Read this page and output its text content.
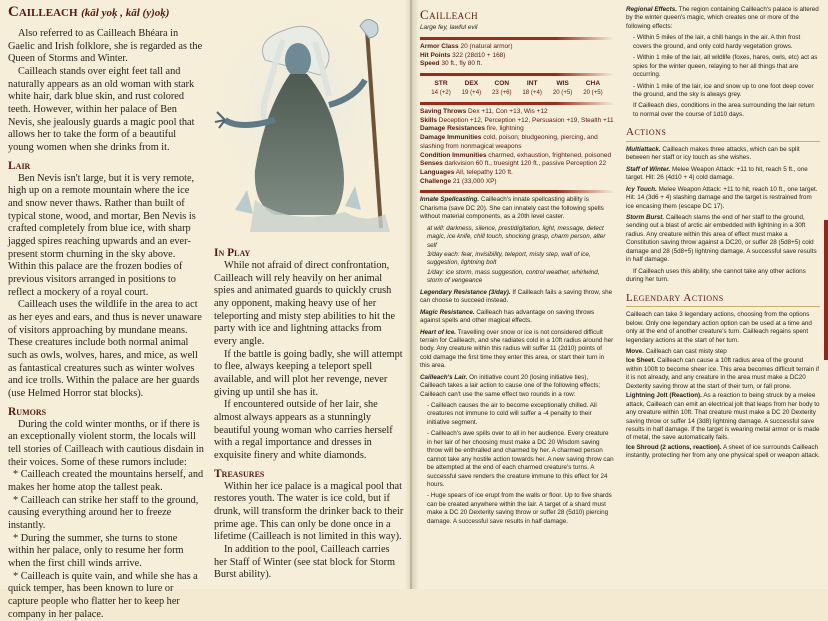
Cailleach (kāl yoķ , kāl (y)oķ)

Also referred to as Cailleach Bhéara in Gaelic and Irish folklore, she is regarded as the Queen of Storms and Winter.

Cailleach stands over eight feet tall and naturally appears as an old woman with stark white hair, dark blue skin, and rust colored teeth. However, within her palace of Ben Nevis, she jealously guards a magic pool that allows her to take the form of a beautiful young women when she drinks from it.

Lair

Ben Nevis isn't large, but it is very remote, high up on a remote mountain where the ice and snow never thaws. Rather than built of typical stone, wood, and mortar, Ben Nevis is crafted completely from blue ice, with sharp jagged spires reaching upwards and an ever-present storm churning in the sky above. Within this palace are the frozen bodies of previous visitors arranged in positions to reflect a mockery of a royal court.

Cailleach uses the wildlife in the area to act as her eyes and ears, and thus is never unaware of visitors approaching by mundane means. These creatures include both normal animal such as owls, wolves, hares, and mice, as well as fantastical creatures such as winter wolves and ice trolls. Within the palace are her guards (use Helmed Horror stat blocks).

Rumors

During the cold winter months, or if there is an exceptionally violent storm, the locals will tell stories of Cailleach with cautious disdain in their voices. Some of these rumors include:

* Cailleach created the mountains herself, and makes her home atop the tallest peak.

* Cailleach can strike her staff to the ground, causing everything around her to freeze instantly.

* During the summer, she turns to stone within her palace, only to resume her form when the first chill winds arrive.

* Cailleach is quite vain, and while she has a quick temper, has been known to lure or capture people who flatter her to keep her company in her palace.

In Play

While not afraid of direct confrontation, Cailleach will rely heavily on her animal spies and animated guards to quickly crush any opponent, making heavy use of her teleporting and misty step abilities to hit the party with ice and lightning attacks from every angle.

If the battle is going badly, she will attempt to flee, always keeping a teleport spell available, and will plot her revenge, never giving up until she has it.

If encountered outside of her lair, she almost always appears as a stunningly beautiful young woman who carries herself with a regal importance and dresses in exquisite finery and white diamonds.

Treasures

Within her ice palace is a magical pool that restores youth. The water is ice cold, but if drunk, will transform the drinker back to their prime age. This can only be done once in a lifetime (Cailleach is not limited in this way).

In addition to the pool, Cailleach carries her Staff of Winter (see stat block for Storm Burst ability).

Cailleach
Large fey, lawful evil
Armor Class 20 (natural armor)
Hit Points 322 (28d10 + 168)
Speed 30 ft., fly 80 ft.
STR
14 (+2)
DEX
19 (+4)
CON
23 (+6)
INT
18 (+4)
WIS
20 (+5)
CHA
20 (+5)
Saving Throws Dex +11, Con +13, Wis +12
Skills Deception +12, Perception +12, Persuasion +19, Stealth +11
Damage Resistances fire, lightning
Damage Immunities cold, poison; bludgeoning, piercing, and slashing from nonmagical weapons
Condition Immunities charmed, exhaustion, frightened, poisoned
Senses darkvision 60 ft., truesight 120 ft., passive Perception 22
Languages All, telepathy 120 ft.
Challenge 21 (33,000 XP)

Innate Spellcasting. Cailleach's innate spellcasting ability is Charisma (save DC 20). She can innately cast the following spells without material components, as a 20th level caster.

at will: darkness, silence, prestidigitation, light, message, detect magic, ice knife, chill touch, shocking grasp, charm person, alter self

3/day each: fear, invisibility, teleport, misty step, wall of ice, suggestion, lightning bolt

1/day: ice storm, mass suggestion, control weather, whirlwind, storm of vengeance

Legendary Resistance (3/day). If Cailleach fails a saving throw, she can choose to succeed instead.

Magic Resistance. Cailleach has advantage on saving throws against spells and other magical effects.

Heart of Ice. Travelling over snow or ice is not considered difficult terrain for Cailleach, and she radiates cold in a 10ft radius around her body. Any creature within this radius will suffer 11 (2d10) points of cold damage the first time they enter this area, or start their turn in this area.

Cailleach's Lair. On initiative count 20 (losing initiative ties), Cailleach takes a lair action to cause one of the following effects; Cailleach can't use the same effect two rounds in a row:

- Cailleach causes the air to become exceptionally chilled. All creatures not immune to cold will suffer a -4 penalty to their initiative segment.

- Cailleach's awe spills over to all in her audience. Every creature in her lair of her choosing must make a DC 20 Wisdom saving throw will be enthralled and charmed by her. A charmed person cannot take any hostile action towards her. A new saving throw can be attempted at the end of each charmed creature's turns. A successful save renders the creature immune to this effect for 24 hours.

- Huge spears of ice erupt from the walls or floor. Up to five shards can be created anywhere within the lair. A target of a shard must make a DC 20 Dexterity saving throw or suffer 28 (5d10) piercing damage. A successful save results in half damage.

Regional Effects. The region containing Cailleach's palace is altered by the winter queen's magic, which creates one or more of the following effects:

- Within 5 miles of the lair, a chill hangs in the air. A thin frost covers the ground, and only cold hardy vegetation grows.

- Within 1 mile of the lair, all wildlife (foxes, hares, owls, etc) act as spies for the winter queen, relaying to her all things that are occurring.

- Within 1 mile of the lair, ice and snow up to one foot deep cover the ground, and the sky is always grey.

If Cailleach dies, conditions in the area surrounding the lair return to normal over the course of 1d10 days.

Actions

Multiattack. Cailleach makes three attacks, which can be split between her staff or icy touch as she wishes.

Staff of Winter. Melee Weapon Attack: +11 to hit, reach 5 ft., one target. Hit: 26 (4d10 + 4) cold damage.

Icy Touch. Melee Weapon Attack: +11 to hit, reach 10 ft., one target. Hit: 14 (3d6 + 4) slashing damage and the target is restrained from ice encasing them (escape DC 17).

Storm Burst. Cailleach slams the end of her staff to the ground, sending out a blast of arctic air embedded with lightning in a 30ft radius. Any creature within this area of effect must make a Constitution saving throw against a DC20, or suffer 28 (5d8+5) cold damage and 28 (5d8+5) lightning damage. A successful save results in half damage.

If Cailleach uses this ability, she cannot take any other actions during her turn.

Legendary Actions

Cailleach can take 3 legendary actions, choosing from the options below. Only one legendary action option can be used at a time and only at the end of another creature's turn. Cailleach regains spent legendary actions at the start of her turn.

Move. Cailleach can cast misty step

Ice Sheet. Cailleach can cause a 10ft radius area of the ground within 100ft to become sheer ice. This area becomes difficult terrain if it is not already, and any creature in the area must make a DC20 Dexterity saving throw at the start of their turn, or fall prone.

Lightning Jolt (Reaction). As a reaction to being struck by a melee attack, Cailleach can emit an electrical jolt that leaps from her body to any creature within 10ft. That creature must make a DC 20 Dexterity saving throw or suffer 14 (3d8) lightning damage. A successful save results in half damage. If the target is wearing metal armor or is made of metal, the save automatically fails.

Ice Shroud (2 actions, reaction). A sheet of ice surrounds Cailleach instantly, protecting her from any one physical spell or weapon attack.
